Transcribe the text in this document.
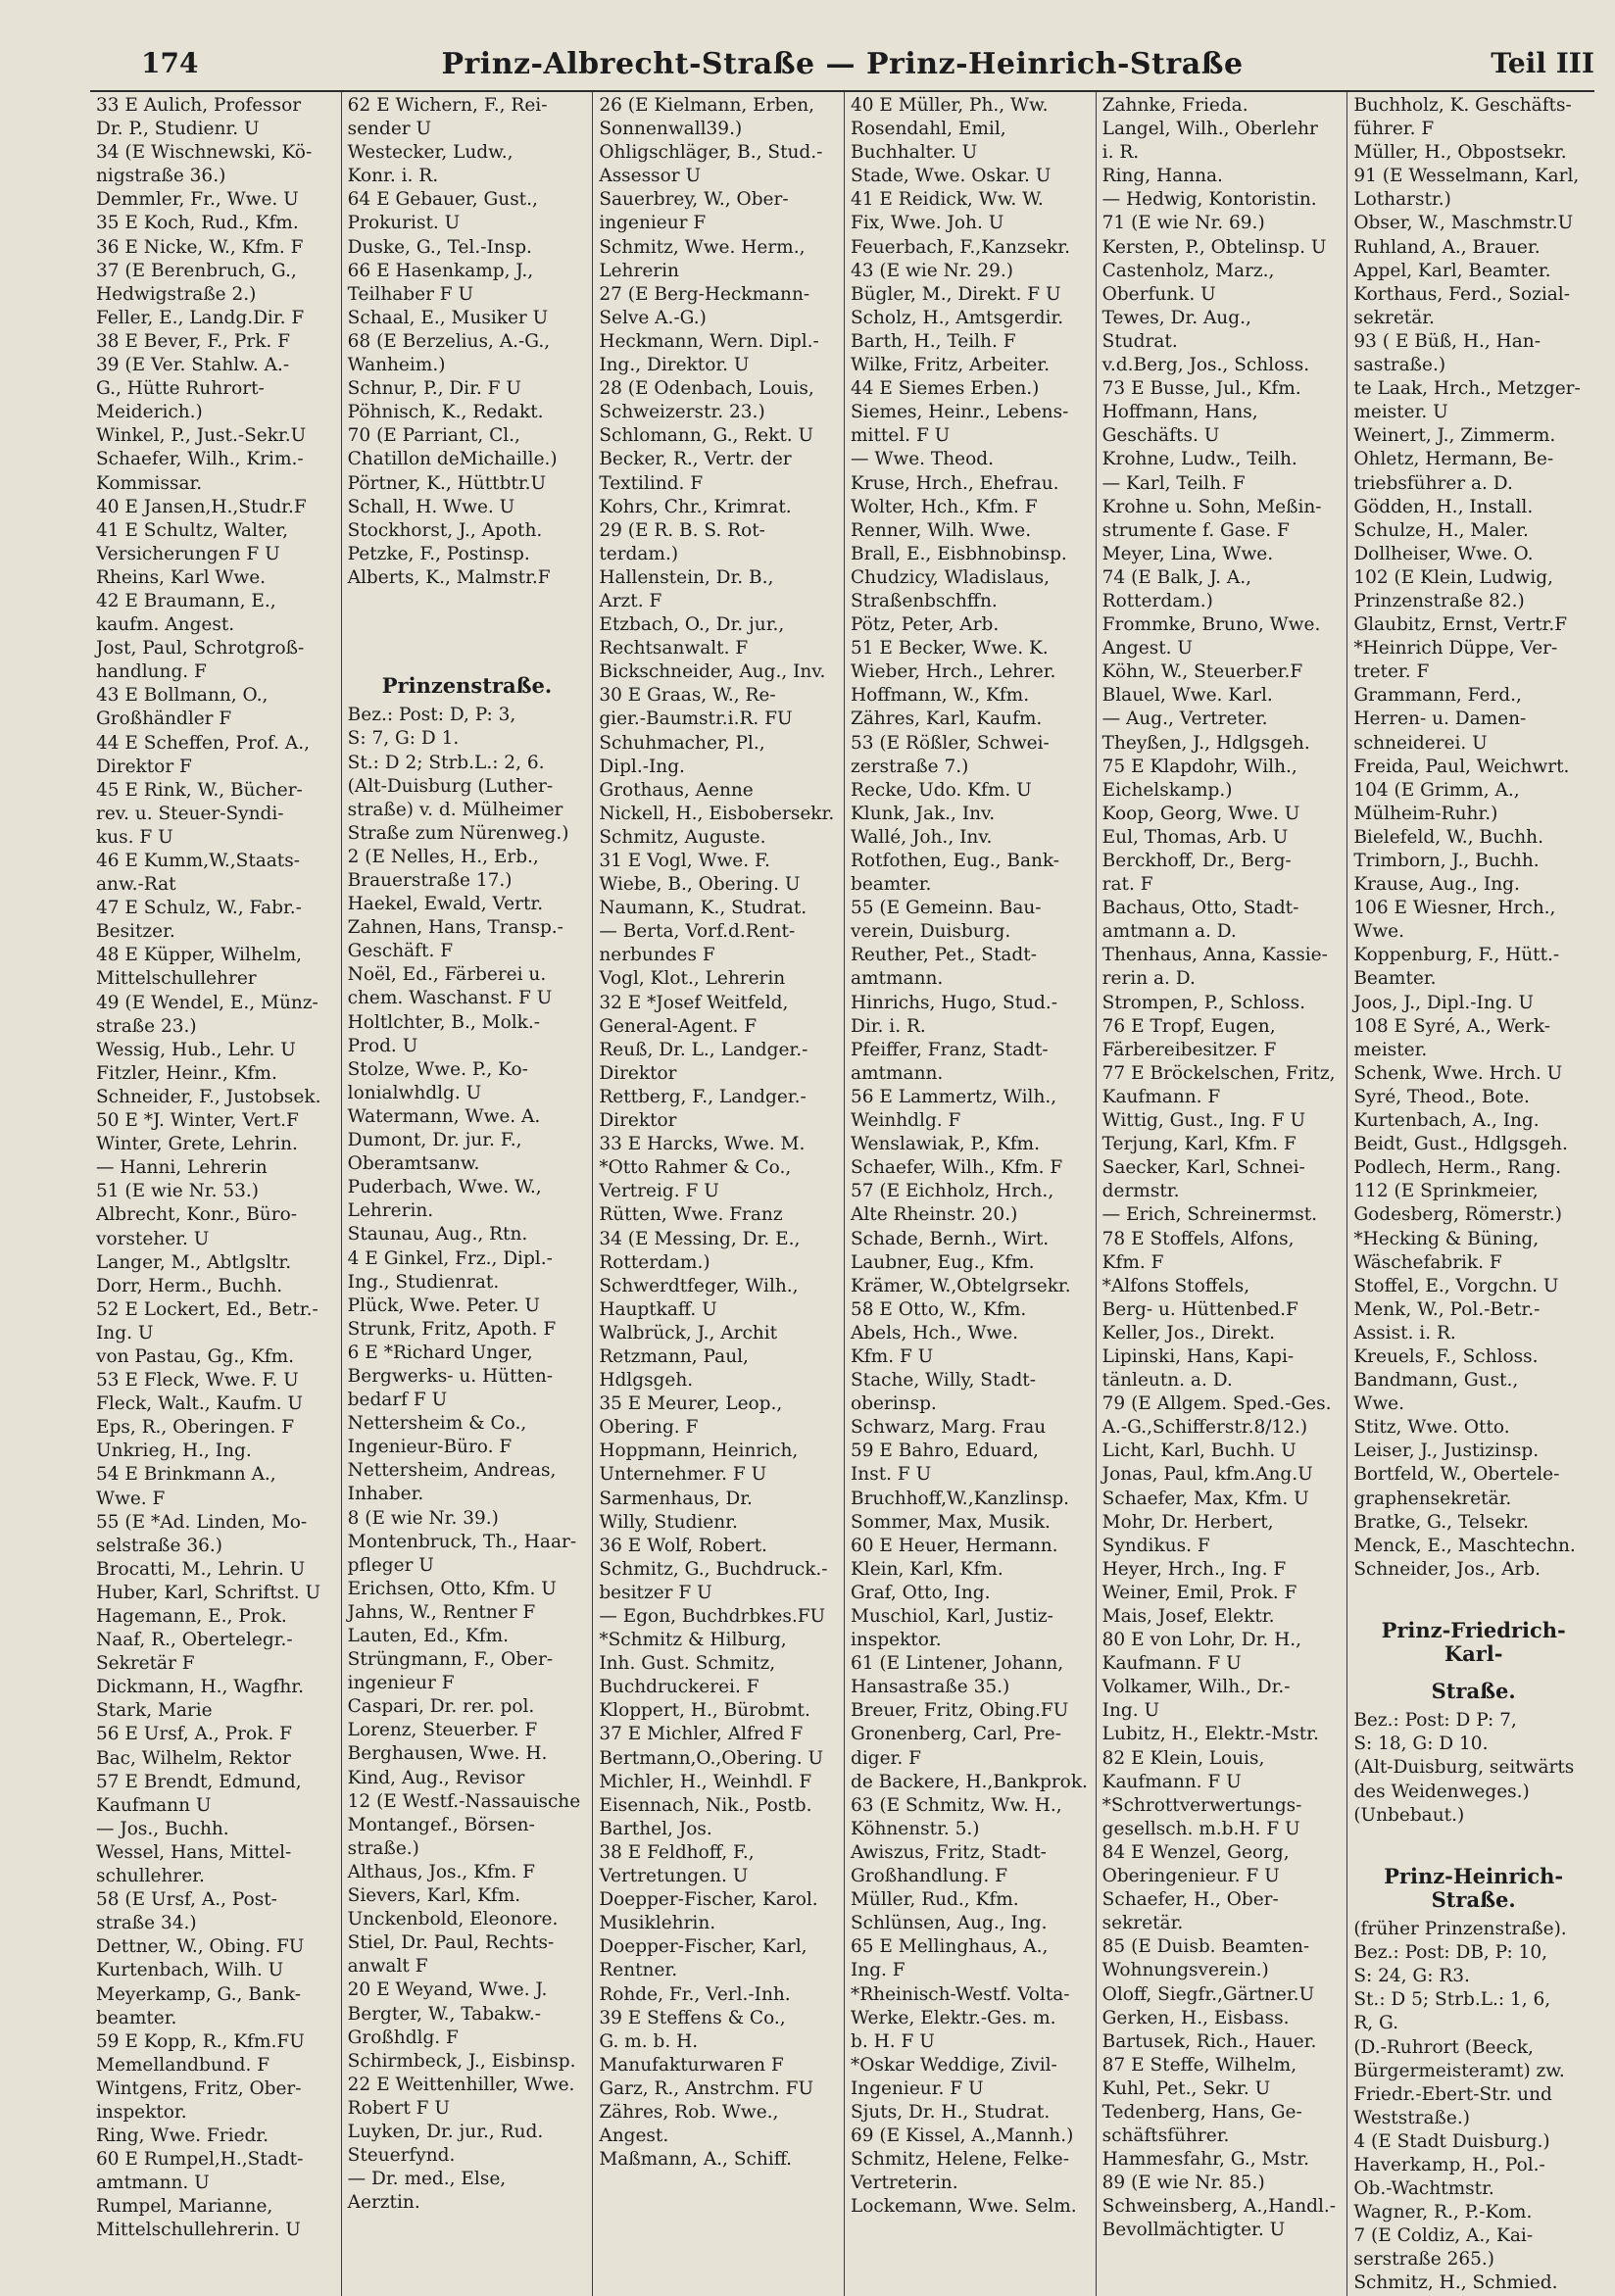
174	Prinz-Albrecht-Straße — Prinz-Heinrich-Straße	Teil III
33 E Aulich, Professor
Dr. P., Studienr. U
34 (E Wischnewski, Kö-
nigstraße 36.)
Demmler, Fr., Wwe. U
35 E Koch, Rud., Kfm.
36 E Nicke, W., Kfm. F
37 (E Berenbruch, G.,
Hedwigstraße 2.)
Feller, E., Landg.Dir. F
38 E Bever, F., Prk. F
39 (E Ver. Stahlw. A.-
G., Hütte Ruhrort-
Meiderich.)
Winkel, P., Just.-Sekr.U
Schaefer, Wilh., Krim.-
Kommissar.
40 E Jansen,H.,Studr.F
41 E Schultz, Walter,
Versicherungen F U
Rheins, Karl Wwe.
42 E Braumann, E.,
kaufm. Angest.
Jost, Paul, Schrotgroß-
handlung. F
43 E Bollmann, O.,
Großhändler F
44 E Scheffen, Prof. A.,
Direktor F
45 E Rink, W., Bücher-
rev. u. Steuer-Syndi-
kus. F U
46 E Kumm,W.,Staats-
anw.-Rat
47 E Schulz, W., Fabr.-
Besitzer.
48 E Küpper, Wilhelm,
Mittelschullehrer
49 (E Wendel, E., Münz-
straße 23.)
Wessig, Hub., Lehr. U
Fitzler, Heinr., Kfm.
Schneider, F., Justobsek.
50 E *J. Winter, Vert.F
Winter, Grete, Lehrin.
— Hanni, Lehrerin
51 (E wie Nr. 53.)
Albrecht, Konr., Büro-
vorsteher. U
Langer, M., Abtlgsltr.
Dorr, Herm., Buchh.
52 E Lockert, Ed., Betr.-
Ing. U
von Pastau, Gg., Kfm.
53 E Fleck, Wwe. F. U
Fleck, Walt., Kaufm. U
Eps, R., Oberingen. F
Unkrieg, H., Ing.
54 E Brinkmann A.,
Wwe. F
55 (E *Ad. Linden, Mo-
selstraße 36.)
Brocatti, M., Lehrin. U
Huber, Karl, Schriftst. U
Hagemann, E., Prok.
Naaf, R., Obertelegr.-
Sekretär F
Dickmann, H., Wagfhr.
Stark, Marie
56 E Ursf, A., Prok. F
Bac, Wilhelm, Rektor
57 E Brendt, Edmund,
Kaufmann U
— Jos., Buchh.
Wessel, Hans, Mittel-
schullehrer.
58 (E Ursf, A., Post-
straße 34.)
Dettner, W., Obing. FU
Kurtenbach, Wilh. U
Meyerkamp, G., Bank-
beamter.
59 E Kopp, R., Kfm.FU
Memellandbund. F
Wintgens, Fritz, Ober-
inspektor.
Ring, Wwe. Friedr.
60 E Rumpel,H.,Stadt-
amtmann. U
Rumpel, Marianne,
Mittelschullehrerin. U
62 E Wichern, F., Rei-
sender U
Westecker, Ludw.,
Konr. i. R.
64 E Gebauer, Gust.,
Prokurist. U
Duske, G., Tel.-Insp.
66 E Hasenkamp, J.,
Teilhaber F U
Schaal, E., Musiker U
68 (E Berzelius, A.-G.,
Wanheim.)
Schnur, P., Dir. F U
Pöhnisch, K., Redakt.
70 (E Parriant, Cl.,
Chatillon deMichaille.)
Pörtner, K., Hüttbtr.U
Schall, H. Wwe. U
Stockhorst, J., Apoth.
Petzke, F., Postinsp.
Alberts, K., Malmstr.F

Prinzenstraße.
Bez.: Post: D, P: 3,
S: 7, G: D 1.
St.: D 2; Strb.L.: 2, 6.
(Alt-Duisburg (Luther-
straße) v. d. Mülheimer
Straße zum Nürenweg.)
2 (E Nelles, H., Erb.,
Brauerstraße 17.)
Haekel, Ewald, Vertr.
Zahnen, Hans, Transp.-
Geschäft. F
Noël, Ed., Färberei u.
chem. Waschanst. F U
Holtlchter, B., Molk.-
Prod. U
Stolze, Wwe. P., Ko-
lonialwhdlg. U
Watermann, Wwe. A.
Dumont, Dr. jur. F.,
Oberamtsanw.
Puderbach, Wwe. W.,
Lehrerin.
Staunau, Aug., Rtn.
4 E Ginkel, Frz., Dipl.-
Ing., Studienrat.
Plück, Wwe. Peter. U
Strunk, Fritz, Apoth. F
6 E *Richard Unger,
Bergwerks- u. Hütten-
bedarf F U
Nettersheim & Co.,
Ingenieur-Büro. F
Nettersheim, Andreas,
Inhaber.
8 (E wie Nr. 39.)
Montenbruck, Th., Haar-
pfleger U
Erichsen, Otto, Kfm. U
Jahns, W., Rentner F
Lauten, Ed., Kfm.
Strüngmann, F., Ober-
ingenieur F
Caspari, Dr. rer. pol.
Lorenz, Steuerber. F
Berghausen, Wwe. H.
Kind, Aug., Revisor
12 (E Westf.-Nassauische
Montangef., Börsen-
straße.)
Althaus, Jos., Kfm. F
Sievers, Karl, Kfm.
Unckenbold, Eleonore.
Stiel, Dr. Paul, Rechts-
anwalt F
20 E Weyand, Wwe. J.
Bergter, W., Tabakw.-
Großhdlg. F
Schirmbeck, J., Eisbinsp.
22 E Weittenhiller, Wwe.
Robert F U
Luyken, Dr. jur., Rud.
Steuerfynd.
— Dr. med., Else,
Aerztin.
26 (E Kielmann, Erben,
Sonnenwall39.)
Ohligschläger, B., Stud.-
Assessor U
Sauerbrey, W., Ober-
ingenieur F
Schmitz, Wwe. Herm.,
Lehrerin
27 (E Berg-Heckmann-
Selve A.-G.)
Heckmann, Wern. Dipl.-
Ing., Direktor. U
28 (E Odenbach, Louis,
Schweizerstr. 23.)
Schlomann, G., Rekt. U
Becker, R., Vertr. der
Textilind. F
Kohrs, Chr., Krimrat.
29 (E R. B. S. Rot-
terdam.)
Hallenstein, Dr. B.,
Arzt. F
Etzbach, O., Dr. jur.,
Rechtsanwalt. F
Bickschneider, Aug., Inv.
30 E Graas, W., Re-
gier.-Baumstr.i.R. FU
Schuhmacher, Pl.,
Dipl.-Ing.
Grothaus, Aenne
Nickell, H., Eisbobersekr.
Schmitz, Auguste.
31 E Vogl, Wwe. F.
Wiebe, B., Obering. U
Naumann, K., Studrat.
— Berta, Vorf.d.Rent-
nerbundes F
Vogl, Klot., Lehrerin
32 E *Josef Weitfeld,
General-Agent. F
Reuß, Dr. L., Landger.-
Direktor
Rettberg, F., Landger.-
Direktor
33 E Harcks, Wwe. M.
*Otto Rahmer & Co.,
Vertreig. F U
Rütten, Wwe. Franz
34 (E Messing, Dr. E.,
Rotterdam.)
Schwerdtfeger, Wilh.,
Hauptkaff. U
Walbrück, J., Archit
Retzmann, Paul,
Hdlgsgeh.
35 E Meurer, Leop.,
Obering. F
Hoppmann, Heinrich,
Unternehmer. F U
Sarmenhaus, Dr.
Willy, Studienr.
36 E Wolf, Robert.
Schmitz, G., Buchdruck.-
besitzer F U
— Egon, Buchdrbkes.FU
*Schmitz & Hilburg,
Inh. Gust. Schmitz,
Buchdruckerei. F
Kloppert, H., Bürobmt.
37 E Michler, Alfred F
Bertmann,O.,Obering. U
Michler, H., Weinhdl. F
Eisennach, Nik., Postb.
Barthel, Jos.
38 E Feldhoff, F.,
Vertretungen. U
Doepper-Fischer, Karol.
Musiklehrin.
Doepper-Fischer, Karl,
Rentner.
Rohde, Fr., Verl.-Inh.
39 E Steffens & Co.,
G. m. b. H.
Manufakturwaren F
Garz, R., Anstrchm. FU
Zähres, Rob. Wwe.,
Angest.
Maßmann, A., Schiff.
40 E Müller, Ph., Ww.
Rosendahl, Emil,
Buchhalter. U
Stade, Wwe. Oskar. U
41 E Reidick, Ww. W.
Fix, Wwe. Joh. U
Feuerbach, F.,Kanzsekr.
43 (E wie Nr. 29.)
Bügler, M., Direkt. F U
Scholz, H., Amtsgerdir.
Barth, H., Teilh. F
Wilke, Fritz, Arbeiter.
44 E Siemes Erben.)
Siemes, Heinr., Lebens-
mittel. F U
— Wwe. Theod.
Kruse, Hrch., Ehefrau.
Wolter, Hch., Kfm. F
Renner, Wilh. Wwe.
Brall, E., Eisbhnobinsp.
Chudzicy, Wladislaus,
Straßenbschffn.
Pötz, Peter, Arb.
51 E Becker, Wwe. K.
Wieber, Hrch., Lehrer.
Hoffmann, W., Kfm.
Zähres, Karl, Kaufm.
53 (E Rößler, Schwei-
zerstraße 7.)
Recke, Udo. Kfm. U
Klunk, Jak., Inv.
Wallé, Joh., Inv.
Rotfothen, Eug., Bank-
beamter.
55 (E Gemeinn. Bau-
verein, Duisburg.
Reuther, Pet., Stadt-
amtmann.
Hinrichs, Hugo, Stud.-
Dir. i. R.
Pfeiffer, Franz, Stadt-
amtmann.
56 E Lammertz, Wilh.,
Weinhdlg. F
Wenslawiak, P., Kfm.
Schaefer, Wilh., Kfm. F
57 (E Eichholz, Hrch.,
Alte Rheinstr. 20.)
Schade, Bernh., Wirt.
Laubner, Eug., Kfm.
Krämer, W.,Obtelgrsekr.
58 E Otto, W., Kfm.
Abels, Hch., Wwe.
Kfm. F U
Stache, Willy, Stadt-
oberinsp.
Schwarz, Marg. Frau
59 E Bahro, Eduard,
Inst. F U
Bruchhoff,W.,Kanzlinsp.
Sommer, Max, Musik.
60 E Heuer, Hermann.
Klein, Karl, Kfm.
Graf, Otto, Ing.
Muschiol, Karl, Justiz-
inspektor.
61 (E Lintener, Johann,
Hansastraße 35.)
Breuer, Fritz, Obing.FU
Gronenberg, Carl, Pre-
diger. F
de Backere, H.,Bankprok.
63 (E Schmitz, Ww. H.,
Köhnenstr. 5.)
Awiszus, Fritz, Stadt-
Großhandlung. F
Müller, Rud., Kfm.
Schlünsen, Aug., Ing.
65 E Mellinghaus, A.,
Ing. F
*Rheinisch-Westf. Volta-
Werke, Elektr.-Ges. m.
b. H. F U
*Oskar Weddige, Zivil-
Ingenieur. F U
Sjuts, Dr. H., Studrat.
69 (E Kissel, A.,Mannh.)
Schmitz, Helene, Felke-
Vertreterin.
Lockemann, Wwe. Selm.
Zahnke, Frieda.
Langel, Wilh., Oberlehr
i. R.
Ring, Hanna.
— Hedwig, Kontoristin.
71 (E wie Nr. 69.)
Kersten, P., Obtelinsp. U
Castenholz, Marz.,
Oberfunk. U
Tewes, Dr. Aug.,
Studrat.
v.d.Berg, Jos., Schloss.
73 E Busse, Jul., Kfm.
Hoffmann, Hans,
Geschäfts. U
Krohne, Ludw., Teilh.
— Karl, Teilh. F
Krohne u. Sohn, Meßin-
strumente f. Gase. F
Meyer, Lina, Wwe.
74 (E Balk, J. A.,
Rotterdam.)
Frommke, Bruno, Wwe.
Angest. U
Köhn, W., Steuerber.F
Blauel, Wwe. Karl.
— Aug., Vertreter.
Theyßen, J., Hdlgsgeh.
75 E Klapdohr, Wilh.,
Eichelskamp.)
Koop, Georg, Wwe. U
Eul, Thomas, Arb. U
Berckhoff, Dr., Berg-
rat. F
Bachaus, Otto, Stadt-
amtmann a. D.
Thenhaus, Anna, Kassie-
rerin a. D.
Strompen, P., Schloss.
76 E Tropf, Eugen,
Färbereibesitzer. F
77 E Bröckelschen, Fritz,
Kaufmann. F
Wittig, Gust., Ing. F U
Terjung, Karl, Kfm. F
Saecker, Karl, Schnei-
dermstr.
— Erich, Schreinermst.
78 E Stoffels, Alfons,
Kfm. F
*Alfons Stoffels,
Berg- u. Hüttenbed.F
Keller, Jos., Direkt.
Lipinski, Hans, Kapi-
tänleutn. a. D.
79 (E Allgem. Sped.-Ges.
A.-G.,Schifferstr.8/12.)
Licht, Karl, Buchh. U
Jonas, Paul, kfm.Ang.U
Schaefer, Max, Kfm. U
Mohr, Dr. Herbert,
Syndikus. F
Heyer, Hrch., Ing. F
Weiner, Emil, Prok. F
Mais, Josef, Elektr.
80 E von Lohr, Dr. H.,
Kaufmann. F U
Volkamer, Wilh., Dr.-
Ing. U
Lubitz, H., Elektr.-Mstr.
82 E Klein, Louis,
Kaufmann. F U
*Schrottverwertungs-
gesellsch. m.b.H. F U
84 E Wenzel, Georg,
Oberingenieur. F U
Schaefer, H., Ober-
sekretär.
85 (E Duisb. Beamten-
Wohnungsverein.)
Oloff, Siegfr.,Gärtner.U
Gerken, H., Eisbass.
Bartusek, Rich., Hauer.
87 E Steffe, Wilhelm,
Kuhl, Pet., Sekr. U
Tedenberg, Hans, Ge-
schäftsführer.
Hammesfahr, G., Mstr.
89 (E wie Nr. 85.)
Schweinsberg, A.,Handl.-
Bevollmächtigter. U
Buchholz, K. Geschäfts-
führer. F
Müller, H., Obpostsekr.
91 (E Wesselmann, Karl,
Lotharstr.)
Obser, W., Maschmstr.U
Ruhland, A., Brauer.
Appel, Karl, Beamter.
Korthaus, Ferd., Sozial-
sekretär.
93 ( E Büß, H., Han-
sastraße.)
te Laak, Hrch., Metzger-
meister. U
Weinert, J., Zimmerm.
Ohletz, Hermann, Be-
triebsführer a. D.
Gödden, H., Install.
Schulze, H., Maler.
Dollheiser, Wwe. O.
102 (E Klein, Ludwig,
Prinzenstraße 82.)
Glaubitz, Ernst, Vertr.F
*Heinrich Düppe, Ver-
treter. F
Grammann, Ferd.,
Herren- u. Damen-
schneiderei. U
Freida, Paul, Weichwrt.
104 (E Grimm, A.,
Mülheim-Ruhr.)
Bielefeld, W., Buchh.
Trimborn, J., Buchh.
Krause, Aug., Ing.
106 E Wiesner, Hrch.,
Wwe.
Koppenburg, F., Hütt.-
Beamter.
Joos, J., Dipl.-Ing. U
108 E Syré, A., Werk-
meister.
Schenk, Wwe. Hrch. U
Syré, Theod., Bote.
Kurtenbach, A., Ing.
Beidt, Gust., Hdlgsgeh.
Podlech, Herm., Rang.
112 (E Sprinkmeier,
Godesberg, Römerstr.)
*Hecking & Büning,
Wäschefabrik. F
Stoffel, E., Vorgchn. U
Menk, W., Pol.-Betr.-
Assist. i. R.
Kreuels, F., Schloss.
Bandmann, Gust.,
Wwe.
Stitz, Wwe. Otto.
Leiser, J., Justizinsp.
Bortfeld, W., Obertele-
graphensekretär.
Bratke, G., Telsekr.
Menck, E., Maschtechn.
Schneider, Jos., Arb.

Prinz-Friedrich-Karl-
Straße.
Bez.: Post: D P: 7,
S: 18, G: D 10.
(Alt-Duisburg, seitwärts
des Weidenweges.)
(Unbebaut.)

Prinz-Heinrich-Straße.
(früher Prinzenstraße).
Bez.: Post: DB, P: 10,
S: 24, G: R3.
St.: D 5; Strb.L.: 1, 6,
R, G.
(D.-Ruhrort (Beeck,
Bürgermeisteramt) zw.
Friedr.-Ebert-Str. und
Weststraße.)
4 (E Stadt Duisburg.)
Haverkamp, H., Pol.-
Ob.-Wachtmstr.
Wagner, R., P.-Kom.
7 (E Coldiz, A., Kai-
serstraße 265.)
Schmitz, H., Schmied.
